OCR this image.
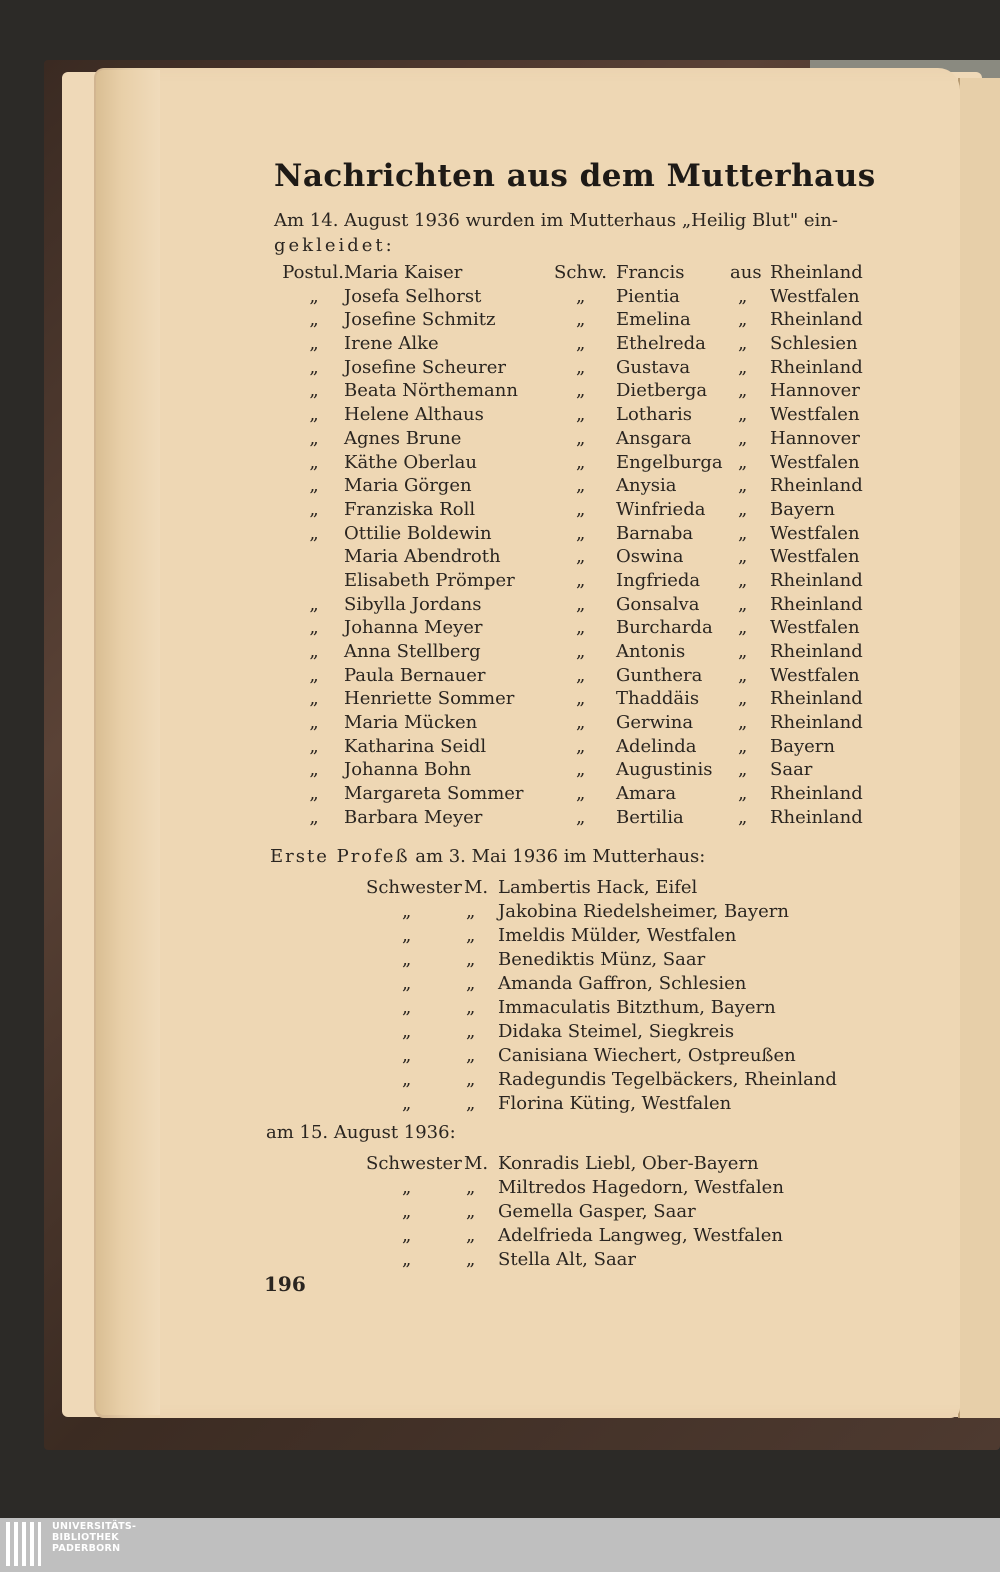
Nachrichten aus dem Mutterhaus
Am 14. August 1936 wurden im Mutterhaus „Heilig Blut" ein-
gekleidet:
Postul. Maria Kaiser	Schw. Francis	aus Rheinland
„ Josefa Selhorst	„ Pientia	„ Westfalen
„ Josefine Schmitz	„ Emelina	„ Rheinland
„ Irene Alke	„ Ethelreda „ Schlesien
„ Josefine Scheurer	„ Gustava	„ Rheinland
„ Beata Nörthemann	„ Dietberga „ Hannover
„ Helene Althaus	„ Lotharis	„ Westfalen
„ Agnes Brune	„ Ansgara	„ Hannover
„ Käthe Oberlau	„ Engelburga „ Westfalen
„ Maria Görgen	„ Anysia	„ Rheinland
„ Franziska Roll	„ Winfrieda „ Bayern
„ Ottilie Boldewin	„ Barnaba „ Westfalen
Maria Abendroth	„ Oswina	„ Westfalen
Elisabeth Prömper	„ Ingfrieda „ Rheinland
„ Sibylla Jordans	„ Gonsalva „ Rheinland
„ Johanna Meyer	„ Burcharda „ Westfalen
„ Anna Stellberg	„ Antonis	„ Rheinland
„ Paula Bernauer	„ Gunthera „ Westfalen
„ Henriette Sommer	„ Thaddäis „ Rheinland
„ Maria Mücken	„ Gerwina „ Rheinland
„ Katharina Seidl	„ Adelinda „ Bayern
„ Johanna Bohn	„ Augustinis „ Saar
„ Margareta Sommer	„ Amara	„ Rheinland
„ Barbara Meyer	„ Bertilia	„ Rheinland
Erste Profeß am 3. Mai 1936 im Mutterhaus:
Schwester M. Lambertis Hack, Eifel
„	„ Jakobina Riedelsheimer, Bayern
„	„ Imeldis Mülder, Westfalen
„	„ Benediktis Münz, Saar
„	„ Amanda Gaffron, Schlesien
„	„ Immaculatis Bitzthum, Bayern
„	„ Didaka Steimel, Siegkreis
„	„ Canisiana Wiechert, Ostpreußen
„	„ Radegundis Tegelbäckers, Rheinland
„	„ Florina Küting, Westfalen
am 15. August 1936:
Schwester M. Konradis Liebl, Ober-Bayern
„	„ Miltredos Hagedorn, Westfalen
„	„ Gemella Gasper, Saar
„	„ Adelfrieda Langweg, Westfalen
„	„ Stella Alt, Saar
196
UNIVERSITÄTS-
BIBLIOTHEK
PADERBORN
